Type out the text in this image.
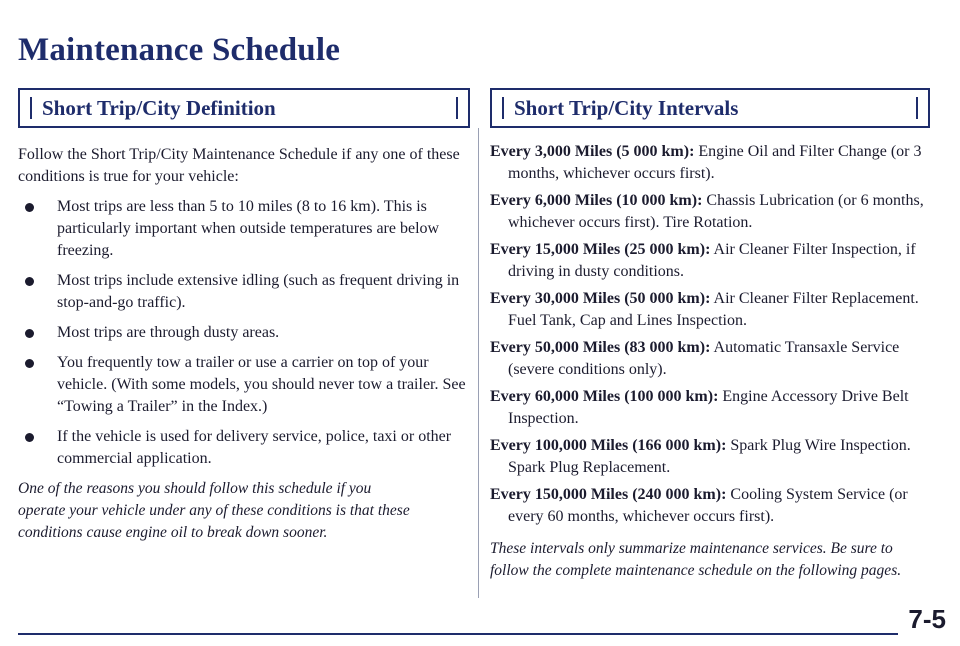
Maintenance Schedule
Short Trip/City Definition

Follow the Short Trip/City Maintenance Schedule if any one of these conditions is true for your vehicle:

Most trips are less than 5 to 10 miles (8 to 16 km). This is particularly important when outside temperatures are below freezing.
Most trips include extensive idling (such as frequent driving in stop-and-go traffic).
Most trips are through dusty areas.
You frequently tow a trailer or use a carrier on top of your vehicle. (With some models, you should never tow a trailer. See “Towing a Trailer” in the Index.)
If the vehicle is used for delivery service, police, taxi or other commercial application.

One of the reasons you should follow this schedule if you operate your vehicle under any of these conditions is that these conditions cause engine oil to break down sooner.

Short Trip/City Intervals
Every 3,000 Miles (5 000 km): Engine Oil and Filter Change (or 3 months, whichever occurs first).
Every 6,000 Miles (10 000 km): Chassis Lubrication (or 6 months, whichever occurs first). Tire Rotation.
Every 15,000 Miles (25 000 km): Air Cleaner Filter Inspection, if driving in dusty conditions.
Every 30,000 Miles (50 000 km): Air Cleaner Filter Replacement. Fuel Tank, Cap and Lines Inspection.
Every 50,000 Miles (83 000 km): Automatic Transaxle Service (severe conditions only).
Every 60,000 Miles (100 000 km): Engine Accessory Drive Belt Inspection.
Every 100,000 Miles (166 000 km): Spark Plug Wire Inspection. Spark Plug Replacement.
Every 150,000 Miles (240 000 km): Cooling System Service (or every 60 months, whichever occurs first).

These intervals only summarize maintenance services. Be sure to follow the complete maintenance schedule on the following pages.

7-5
